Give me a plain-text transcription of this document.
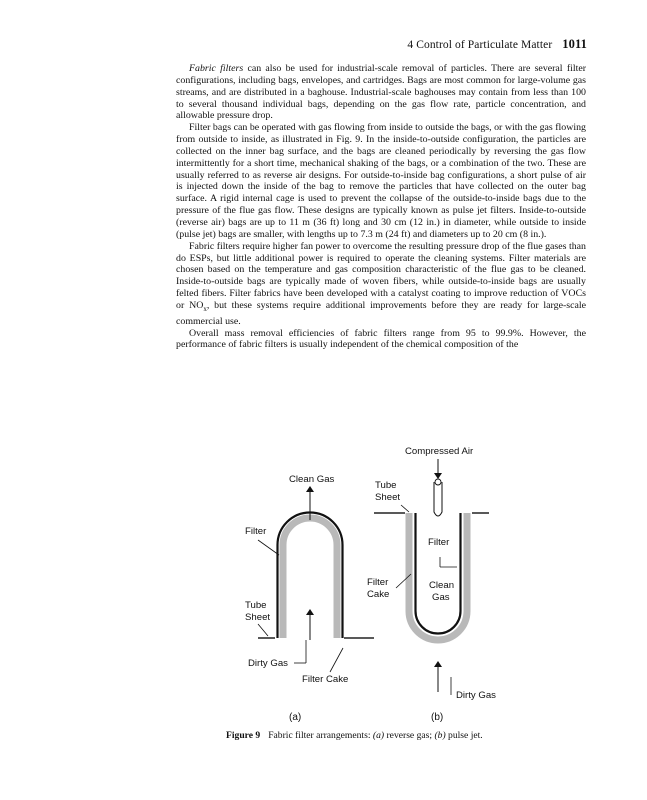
4 Control of Particulate Matter 1011

Fabric filters can also be used for industrial-scale removal of particles. There are several filter configurations, including bags, envelopes, and cartridges. Bags are most common for large-volume gas streams, and are distributed in a baghouse. Industrial-scale baghouses may contain from less than 100 to several thousand individual bags, depending on the gas flow rate, particle concentration, and allowable pressure drop.

Filter bags can be operated with gas flowing from inside to outside the bags, or with the gas flowing from outside to inside, as illustrated in Fig. 9. In the inside-to-outside configuration, the particles are collected on the inner bag surface, and the bags are cleaned periodically by reversing the gas flow intermittently for a short time, mechanical shaking of the bags, or a combination of the two. These are usually referred to as reverse air designs. For outside-to-inside bag configurations, a short pulse of air is injected down the inside of the bag to remove the particles that have collected on the outer bag surface. A rigid internal cage is used to prevent the collapse of the outside-to-inside bags due to the pressure of the flue gas flow. These designs are typically known as pulse jet filters. Inside-to-outside (reverse air) bags are up to 11 m (36 ft) long and 30 cm (12 in.) in diameter, while outside to inside (pulse jet) bags are smaller, with lengths up to 7.3 m (24 ft) and diameters up to 20 cm (8 in.).

Fabric filters require higher fan power to overcome the resulting pressure drop of the flue gases than do ESPs, but little additional power is required to operate the cleaning systems. Filter materials are chosen based on the temperature and gas composition characteristic of the flue gas to be cleaned. Inside-to-outside bags are typically made of woven fibers, while outside-to-inside bags are usually felted fibers. Filter fabrics have been developed with a catalyst coating to improve reduction of VOCs or $NO_x$, but these systems require additional improvements before they are ready for large-scale commercial use.

Overall mass removal efficiencies of fabric filters range from 95 to 99.9%. However, the performance of fabric filters is usually independent of the chemical composition of the

Clean Gas
Filter
Tube
Sheet
Dirty Gas
Filter Cake
(a)
Compressed Air
Tube
Sheet
Filter
Filter
Cake
Clean
Gas
Dirty Gas
(b)
Figure 9 Fabric filter arrangements: (a) reverse gas; (b) pulse jet.
